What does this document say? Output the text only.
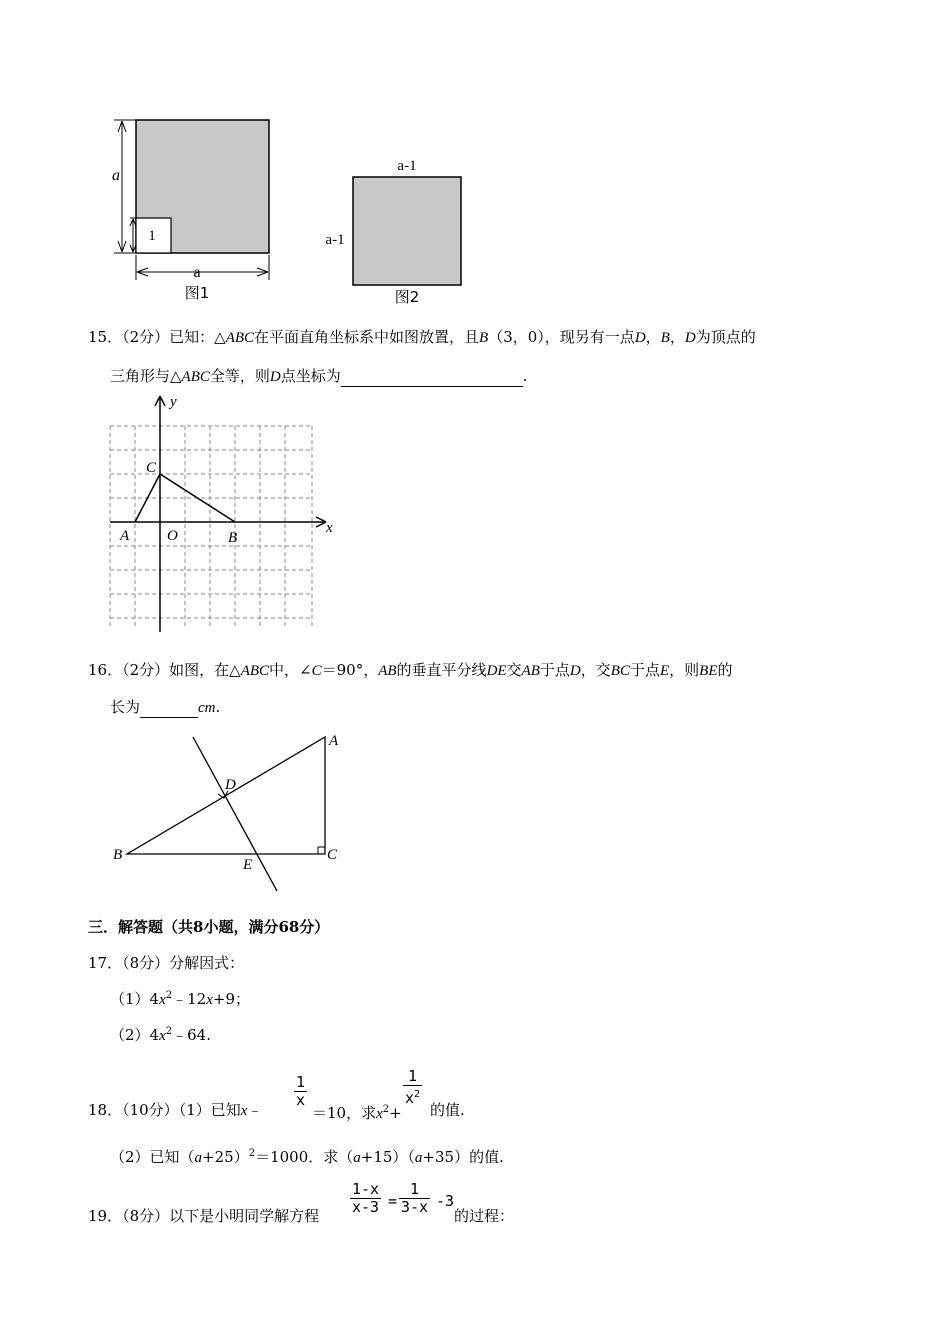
a
1
a
图1
a-1
a-1
图2
15．（2分）已知：△ABC在平面直角坐标系中如图放置，且B（3，0），现另有一点D，B，D为顶点的
三角形与△ABC全等，则D点坐标为	.
y
x
C
A	O	B
16．（2分）如图，在△ABC中，∠C＝90°，AB的垂直平分线DE交AB于点D，交BC于点E，则BE的
长为	cm.
A
B	C
D
E
三．解答题（共8小题，满分68分）
17．（8分）分解因式：
$(1)4x^2﹣12x+9$；
$(2)4x^2﹣64$.
18．（10分）（1）已知x﹣
$\frac{1}{x}$
＝10，求$x^2+$
$\frac{1}{x^2}$
的值.
（2）已知$(a+25)^2=1000$．求（a+15）（a+35）的值.
19．（8分）以下是小明同学解方程 $\frac{1-x}{x-3} = \frac{1}{3-x} -3$
的过程：
